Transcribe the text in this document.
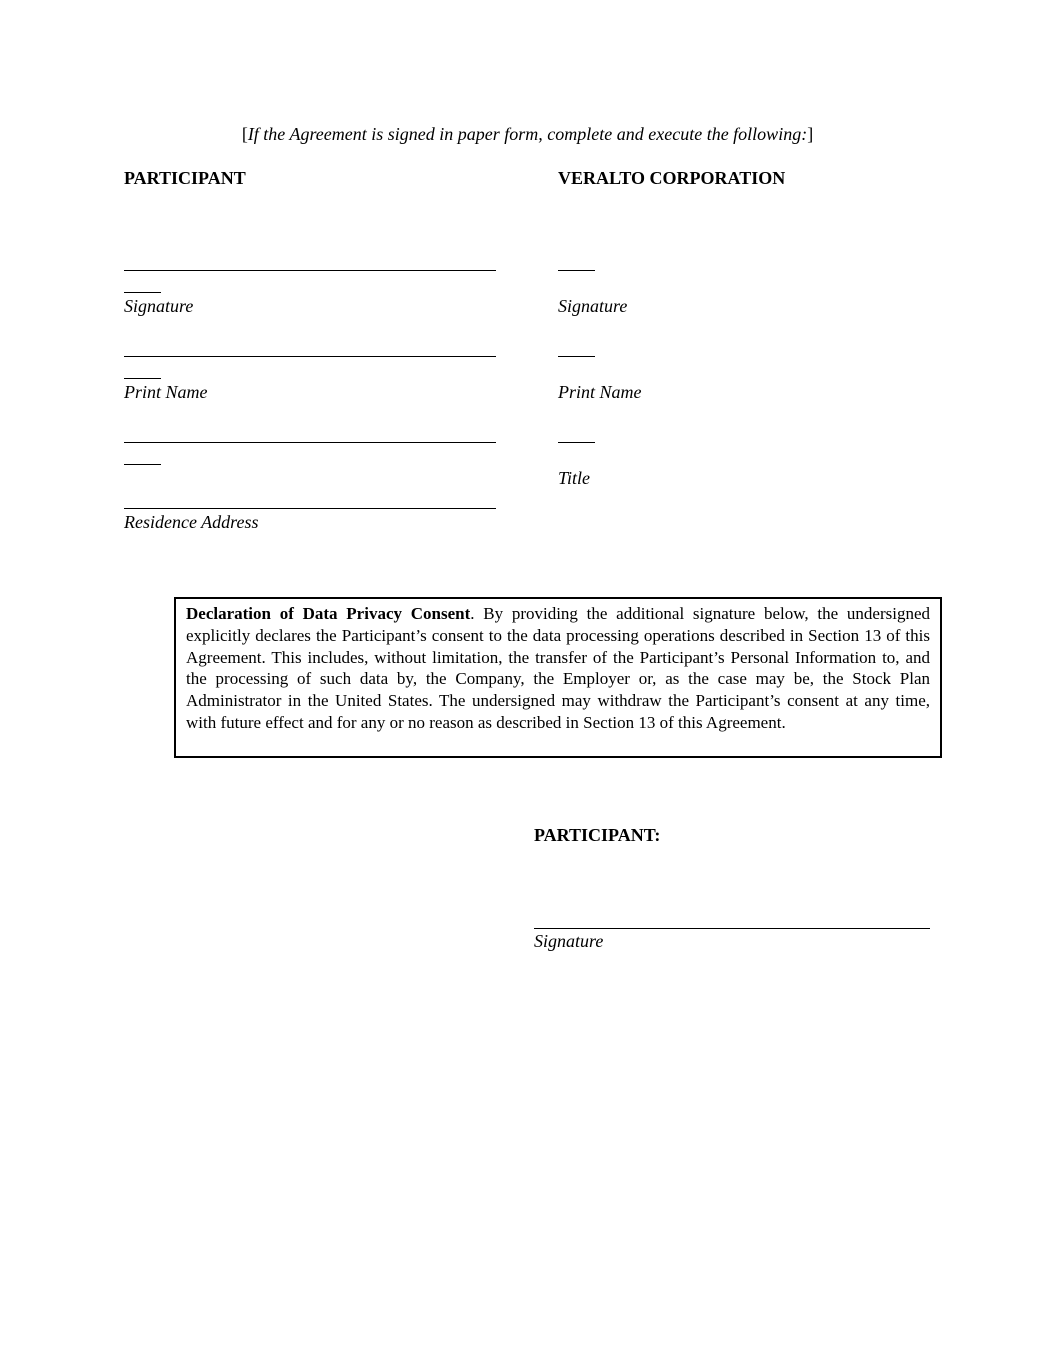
[If the Agreement is signed in paper form, complete and execute the following:]
PARTICIPANT
Signature
Print Name
Residence Address
VERALTO CORPORATION
Signature
Print Name
Title
Declaration of Data Privacy Consent. By providing the additional signature below, the undersigned explicitly declares the Participant’s consent to the data processing operations described in Section 13 of this Agreement. This includes, without limitation, the transfer of the Participant’s Personal Information to, and the processing of such data by, the Company, the Employer or, as the case may be, the Stock Plan Administrator in the United States. The undersigned may withdraw the Participant’s consent at any time, with future effect and for any or no reason as described in Section 13 of this Agreement.
PARTICIPANT:
Signature
